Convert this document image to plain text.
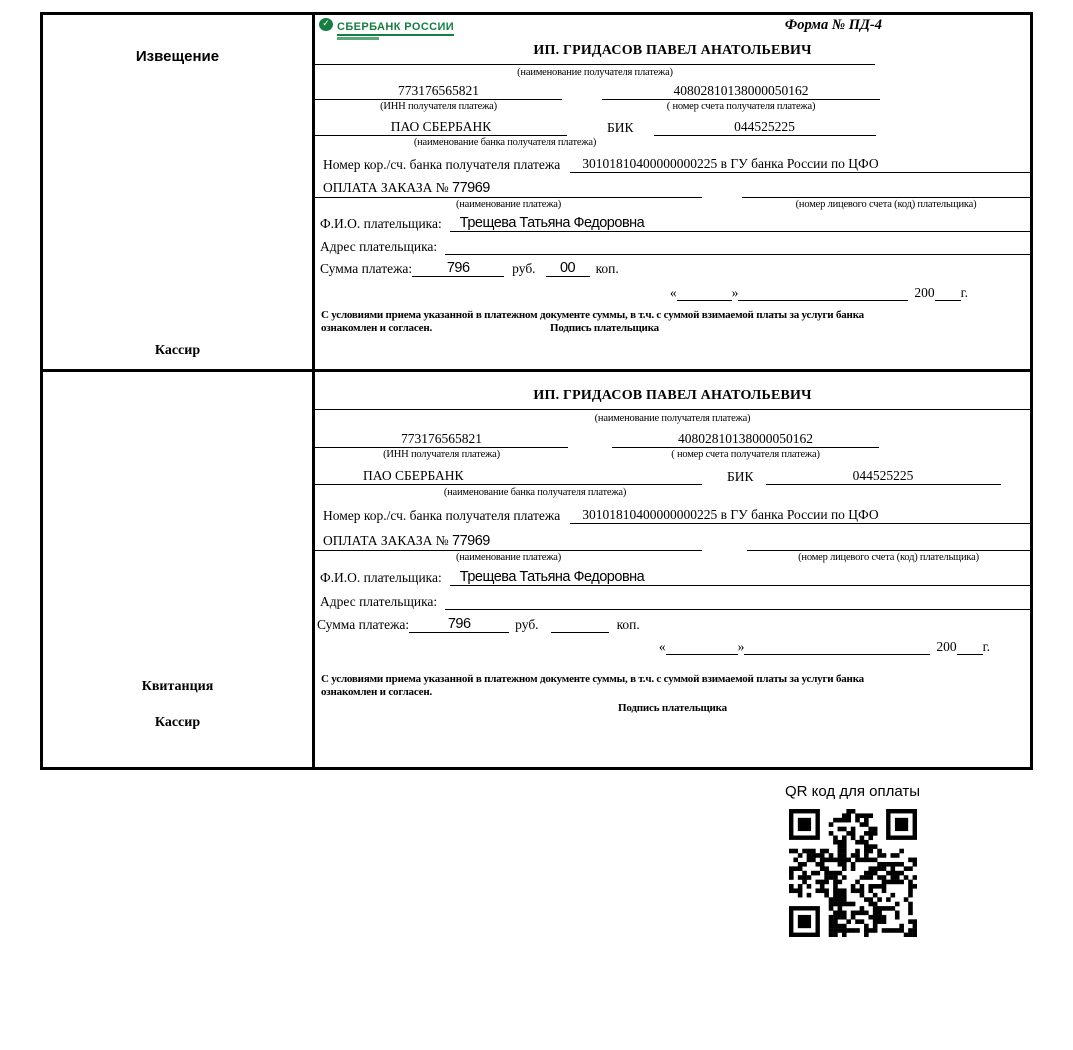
Извещение
Кассир
✓ СБЕРБАНК РОССИИ	Форма № ПД-4
ИП. ГРИДАСОВ ПАВЕЛ АНАТОЛЬЕВИЧ
(наименование получателя платежа)
773176565821	40802810138000050162
(ИНН получателя платежа)	( номер счета получателя платежа)
ПАО СБЕРБАНК	БИК	044525225
(наименование банка получателя платежа)
Номер кор./сч. банка получателя платежа	30101810400000000225 в ГУ банка России по ЦФО
ОПЛАТА ЗАКАЗА № 77969
(наименование платежа)	(номер лицевого счета (код) плательщика)
Ф.И.О. плательщика:	Трещева Татьяна Федоровна
Адрес плательщика:
Сумма платежа:	796	руб.	00	коп.
«	»	200 г.
С условиями приема указанной в платежном документе суммы, в т.ч. с суммой взимаемой платы за услуги банка
ознакомлен и согласен.	Подпись плательщика
Квитанция
Кассир
ИП. ГРИДАСОВ ПАВЕЛ АНАТОЛЬЕВИЧ
(наименование получателя платежа)
773176565821	40802810138000050162
(ИНН получателя платежа)	( номер счета получателя платежа)
ПАО СБЕРБАНК	БИК	044525225
(наименование банка получателя платежа)
Номер кор./сч. банка получателя платежа	30101810400000000225 в ГУ банка России по ЦФО
ОПЛАТА ЗАКАЗА № 77969
(наименование платежа)	(номер лицевого счета (код) плательщика)
Ф.И.О. плательщика:	Трещева Татьяна Федоровна
Адрес плательщика:
Сумма платежа:	796	руб.	коп.
«	»	200 г.
С условиями приема указанной в платежном документе суммы, в т.ч. с суммой взимаемой платы за услуги банка
ознакомлен и согласен.
Подпись плательщика
QR код для оплаты
